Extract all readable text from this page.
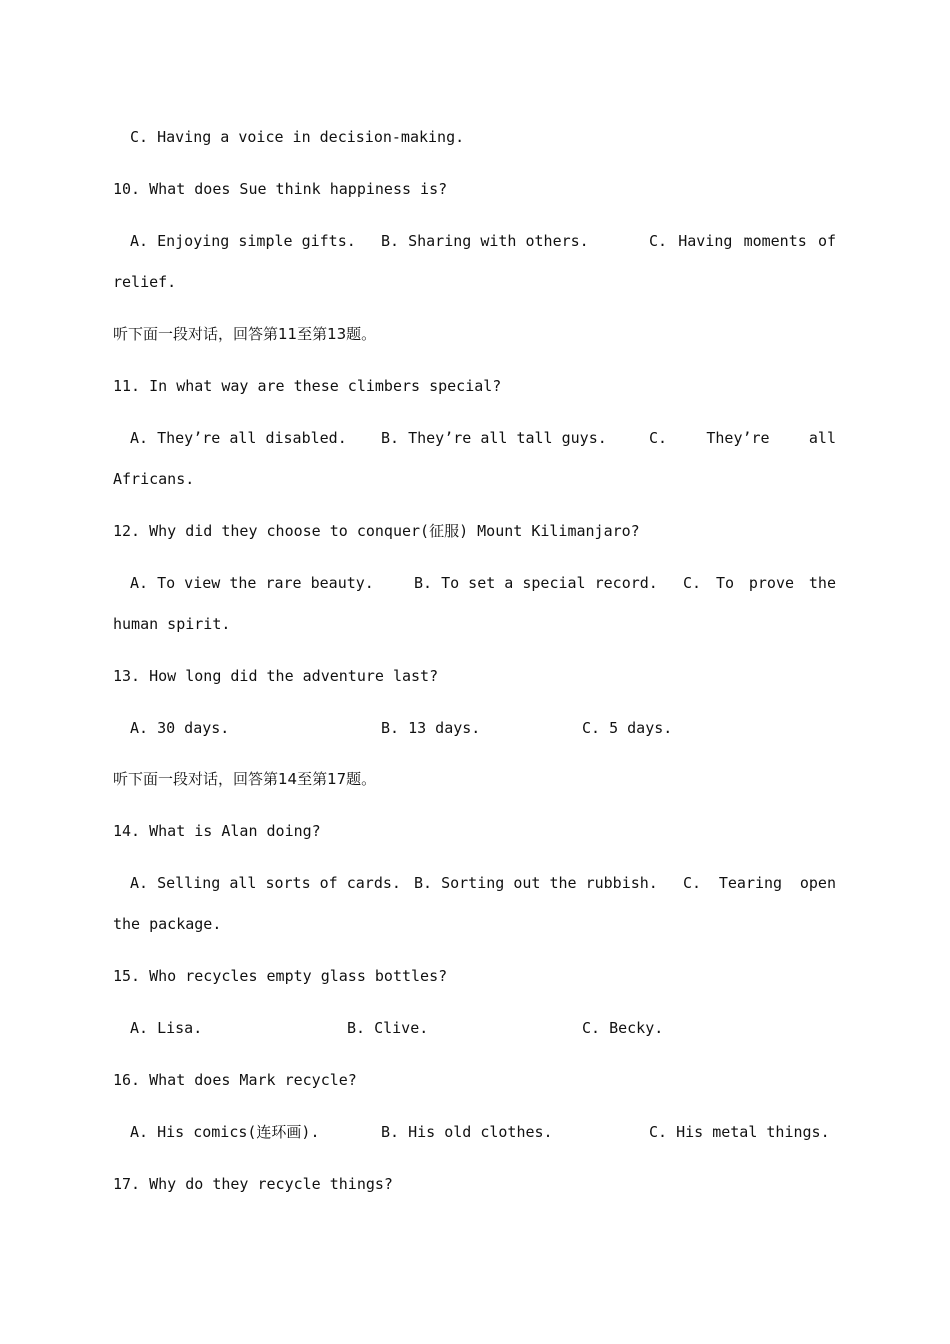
C. Having a voice in decision-making.
10. What does Sue think happiness is?
A. Enjoying simple gifts. B. Sharing with others.	C. Having moments of
relief.
听下面一段对话，回答第11至第13题。
11. In what way are these climbers special?
A. They’re all disabled. B. They’re all tall guys.	C.	They’re	all
Africans.
12. Why did they choose to conquer(征服) Mount Kilimanjaro?
A. To view the rare beauty.	B. To set a special record. C. To prove the
human spirit.
13. How long did the adventure last?
A. 30 days.	B. 13 days.	C. 5 days.
听下面一段对话，回答第14至第17题。
14. What is Alan doing?
A. Selling all sorts of cards. B. Sorting out the rubbish. C. Tearing open
the package.
15. Who recycles empty glass bottles?
A. Lisa.	B. Clive.	C. Becky.
16. What does Mark recycle?
A. His comics(连环画).	B. His old clothes.	C. His metal things.
17. Why do they recycle things?
